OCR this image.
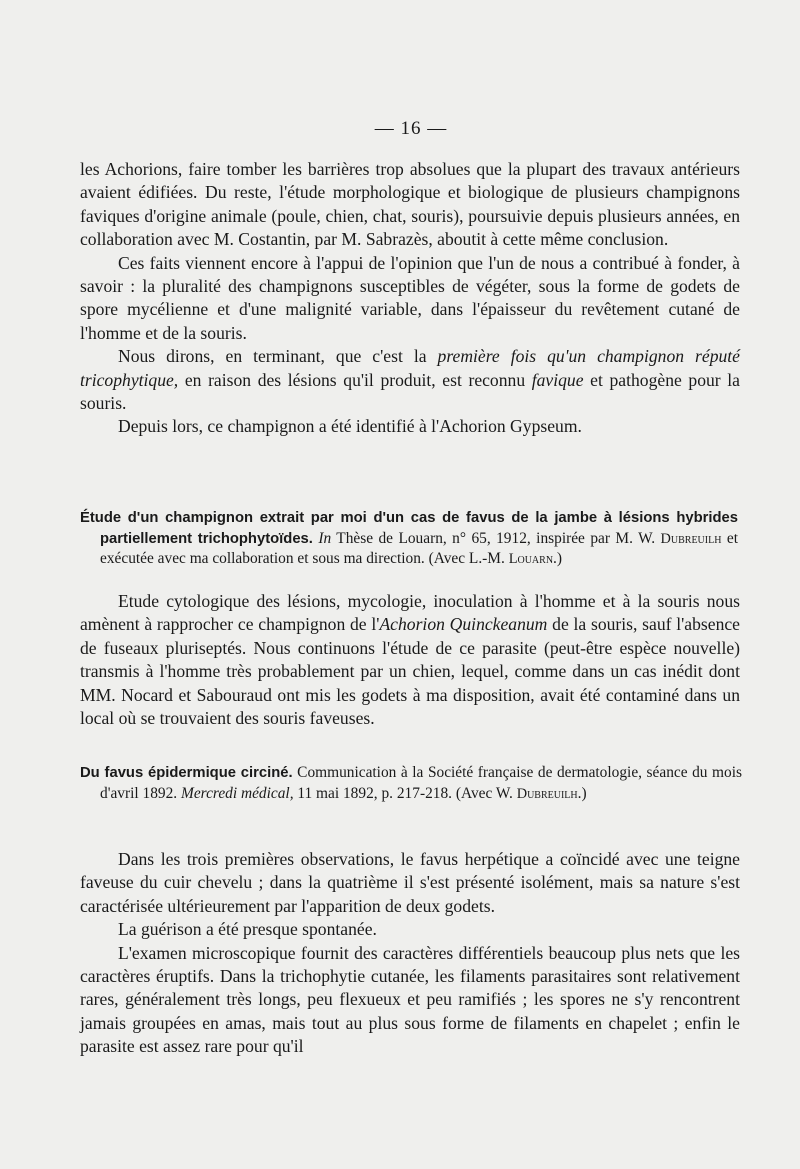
— 16 —

les Achorions, faire tomber les barrières trop absolues que la plupart des travaux antérieurs avaient édifiées. Du reste, l'étude morphologique et biologique de plusieurs champignons faviques d'origine animale (poule, chien, chat, souris), poursuivie depuis plusieurs années, en collaboration avec M. Costantin, par M. Sabrazès, aboutit à cette même conclusion.

Ces faits viennent encore à l'appui de l'opinion que l'un de nous a contribué à fonder, à savoir : la pluralité des champignons susceptibles de végéter, sous la forme de godets de spore mycélienne et d'une malignité variable, dans l'épaisseur du revêtement cutané de l'homme et de la souris.

Nous dirons, en terminant, que c'est la première fois qu'un champignon réputé tricophytique, en raison des lésions qu'il produit, est reconnu favique et pathogène pour la souris.

Depuis lors, ce champignon a été identifié à l'Achorion Gypseum.

Étude d'un champignon extrait par moi d'un cas de favus de la jambe à lésions hybrides partiellement trichophytoïdes. In Thèse de Louarn, n° 65, 1912, inspirée par M. W. Dubreuilh et exécutée avec ma collaboration et sous ma direction. (Avec L.-M. Louarn.)

Etude cytologique des lésions, mycologie, inoculation à l'homme et à la souris nous amènent à rapprocher ce champignon de l'Achorion Quinckeanum de la souris, sauf l'absence de fuseaux pluriseptés. Nous continuons l'étude de ce parasite (peut-être espèce nouvelle) transmis à l'homme très probablement par un chien, lequel, comme dans un cas inédit dont MM. Nocard et Sabouraud ont mis les godets à ma disposition, avait été contaminé dans un local où se trouvaient des souris faveuses.

Du favus épidermique circiné. Communication à la Société française de dermatologie, séance du mois d'avril 1892. Mercredi médical, 11 mai 1892, p. 217-218. (Avec W. Dubreuilh.)

Dans les trois premières observations, le favus herpétique a coïncidé avec une teigne faveuse du cuir chevelu ; dans la quatrième il s'est présenté isolément, mais sa nature s'est caractérisée ultérieurement par l'apparition de deux godets.

La guérison a été presque spontanée.

L'examen microscopique fournit des caractères différentiels beaucoup plus nets que les caractères éruptifs. Dans la trichophytie cutanée, les filaments parasitaires sont relativement rares, généralement très longs, peu flexueux et peu ramifiés ; les spores ne s'y rencontrent jamais groupées en amas, mais tout au plus sous forme de filaments en chapelet ; enfin le parasite est assez rare pour qu'il
